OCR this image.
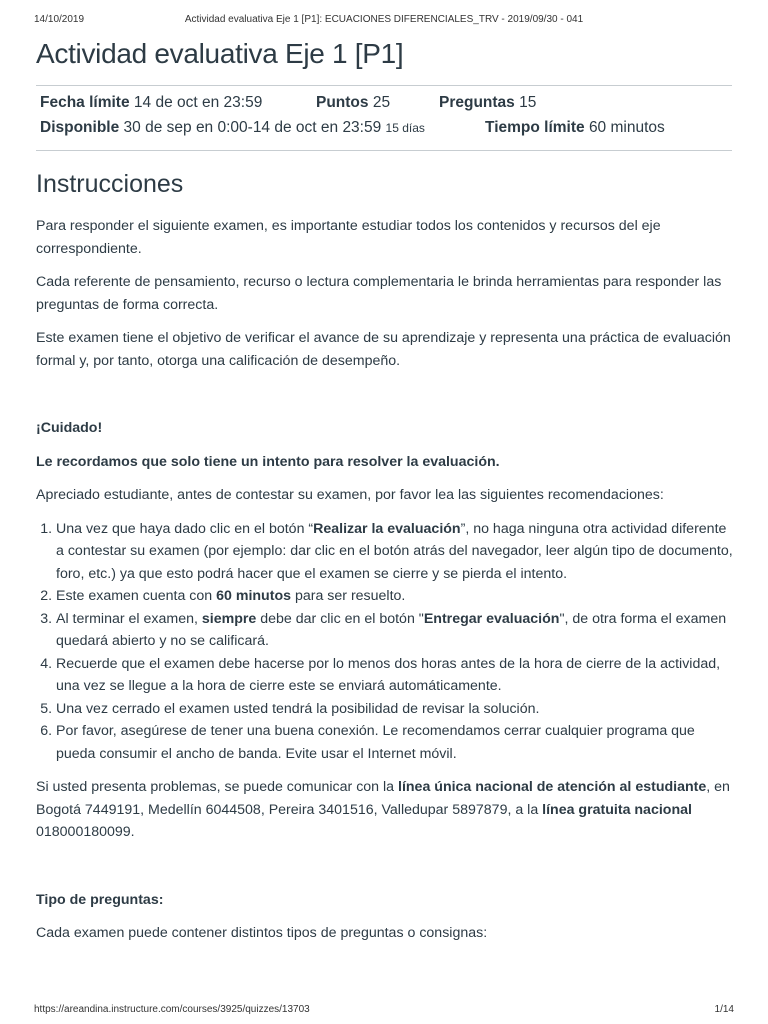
14/10/2019	Actividad evaluativa Eje 1 [P1]: ECUACIONES DIFERENCIALES_TRV - 2019/09/30 - 041
Actividad evaluativa Eje 1 [P1]
Fecha límite 14 de oct en 23:59	Puntos 25	Preguntas 15
Disponible 30 de sep en 0:00-14 de oct en 23:59 15 días	Tiempo límite 60 minutos
Instrucciones

Para responder el siguiente examen, es importante estudiar todos los contenidos y recursos del eje correspondiente.

Cada referente de pensamiento, recurso o lectura complementaria le brinda herramientas para responder las preguntas de forma correcta.

Este examen tiene el objetivo de verificar el avance de su aprendizaje y representa una práctica de evaluación formal y, por tanto, otorga una calificación de desempeño.

¡Cuidado!

Le recordamos que solo tiene un intento para resolver la evaluación.

Apreciado estudiante, antes de contestar su examen, por favor lea las siguientes recomendaciones:

1. Una vez que haya dado clic en el botón “Realizar la evaluación”, no haga ninguna otra actividad diferente a contestar su examen (por ejemplo: dar clic en el botón atrás del navegador, leer algún tipo de documento, foro, etc.) ya que esto podrá hacer que el examen se cierre y se pierda el intento.
2. Este examen cuenta con 60 minutos para ser resuelto.
3. Al terminar el examen, siempre debe dar clic en el botón "Entregar evaluación", de otra forma el examen quedará abierto y no se calificará.
4. Recuerde que el examen debe hacerse por lo menos dos horas antes de la hora de cierre de la actividad, una vez se llegue a la hora de cierre este se enviará automáticamente.
5. Una vez cerrado el examen usted tendrá la posibilidad de revisar la solución.
6. Por favor, asegúrese de tener una buena conexión. Le recomendamos cerrar cualquier programa que pueda consumir el ancho de banda. Evite usar el Internet móvil.

Si usted presenta problemas, se puede comunicar con la línea única nacional de atención al estudiante, en Bogotá 7449191, Medellín 6044508, Pereira 3401516, Valledupar 5897879, a la línea gratuita nacional 018000180099.

Tipo de preguntas:

Cada examen puede contener distintos tipos de preguntas o consignas:

https://areandina.instructure.com/courses/3925/quizzes/13703	1/14
